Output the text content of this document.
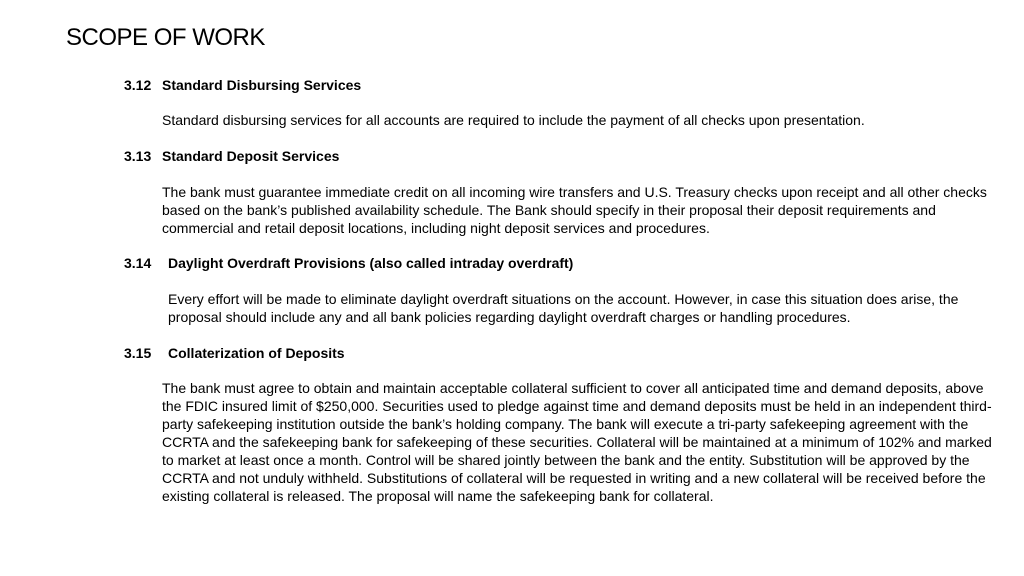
SCOPE OF WORK
3.12 Standard Disbursing Services

Standard disbursing services for all accounts are required to include the payment of all checks upon presentation.

3.13 Standard Deposit Services

The bank must guarantee immediate credit on all incoming wire transfers and U.S. Treasury checks upon receipt and all other checks based on the bank’s published availability schedule. The Bank should specify in their proposal their deposit requirements and commercial and retail deposit locations, including night deposit services and procedures.

3.14 Daylight Overdraft Provisions (also called intraday overdraft)

Every effort will be made to eliminate daylight overdraft situations on the account. However, in case this situation does arise, the proposal should include any and all bank policies regarding daylight overdraft charges or handling procedures.

3.15 Collaterization of Deposits

The bank must agree to obtain and maintain acceptable collateral sufficient to cover all anticipated time and demand deposits, above the FDIC insured limit of $250,000. Securities used to pledge against time and demand deposits must be held in an independent third-party safekeeping institution outside the bank’s holding company. The bank will execute a tri-party safekeeping agreement with the CCRTA and the safekeeping bank for safekeeping of these securities. Collateral will be maintained at a minimum of 102% and marked to market at least once a month. Control will be shared jointly between the bank and the entity. Substitution will be approved by the CCRTA and not unduly withheld. Substitutions of collateral will be requested in writing and a new collateral will be received before the existing collateral is released. The proposal will name the safekeeping bank for collateral.
